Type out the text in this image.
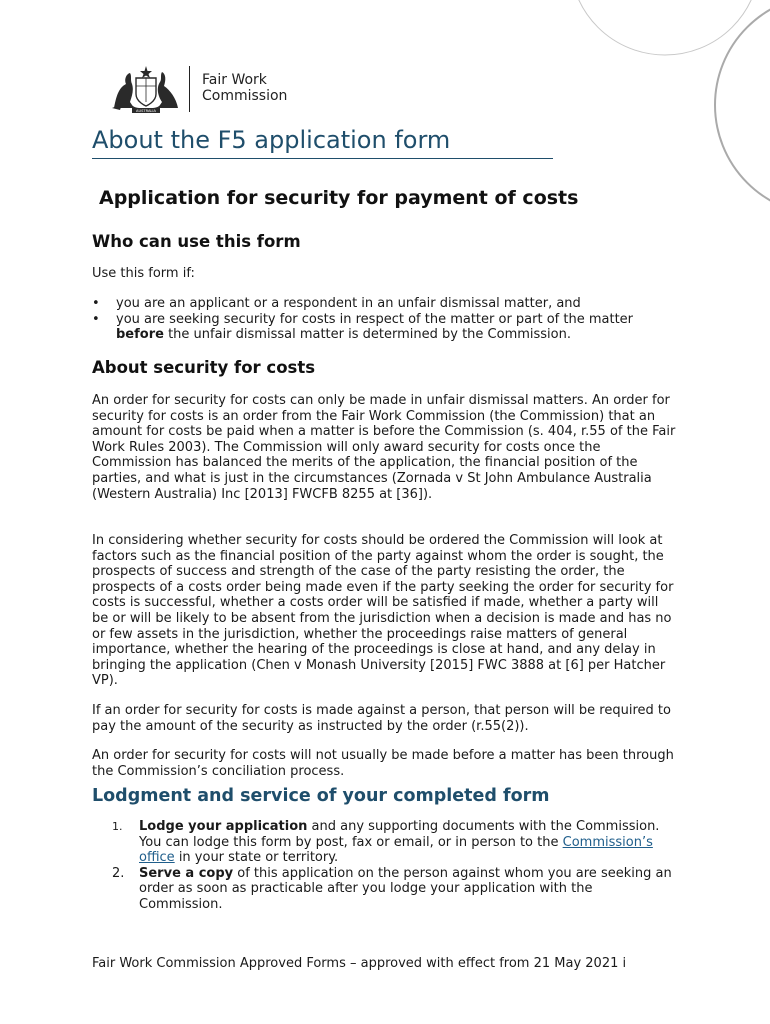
AUSTRALIA
Fair Work
Commission
About the F5 application form
Application for security for payment of costs
Who can use this form

Use this form if:

• you are an applicant or a respondent in an unfair dismissal matter, and
• you are seeking security for costs in respect of the matter or part of the matter before the unfair dismissal matter is determined by the Commission.
About security for costs

An order for security for costs can only be made in unfair dismissal matters. An order for security for costs is an order from the Fair Work Commission (the Commission) that an amount for costs be paid when a matter is before the Commission (s. 404, r.55 of the Fair Work Rules 2003). The Commission will only award security for costs once the Commission has balanced the merits of the application, the financial position of the parties, and what is just in the circumstances (Zornada v St John Ambulance Australia (Western Australia) Inc [2013] FWCFB 8255 at [36]).

In considering whether security for costs should be ordered the Commission will look at factors such as the financial position of the party against whom the order is sought, the prospects of success and strength of the case of the party resisting the order, the prospects of a costs order being made even if the party seeking the order for security for costs is successful, whether a costs order will be satisfied if made, whether a party will be or will be likely to be absent from the jurisdiction when a decision is made and has no or few assets in the jurisdiction, whether the proceedings raise matters of general importance, whether the hearing of the proceedings is close at hand, and any delay in bringing the application (Chen v Monash University [2015] FWC 3888 at [6] per Hatcher VP).

If an order for security for costs is made against a person, that person will be required to pay the amount of the security as instructed by the order (r.55(2)).

An order for security for costs will not usually be made before a matter has been through the Commission’s conciliation process.

Lodgment and service of your completed form
1. Lodge your application and any supporting documents with the Commission. You can lodge this form by post, fax or email, or in person to the Commission’s office in your state or territory.
2. Serve a copy of this application on the person against whom you are seeking an order as soon as practicable after you lodge your application with the Commission.
Fair Work Commission Approved Forms – approved with effect from 21 May 2021 i
